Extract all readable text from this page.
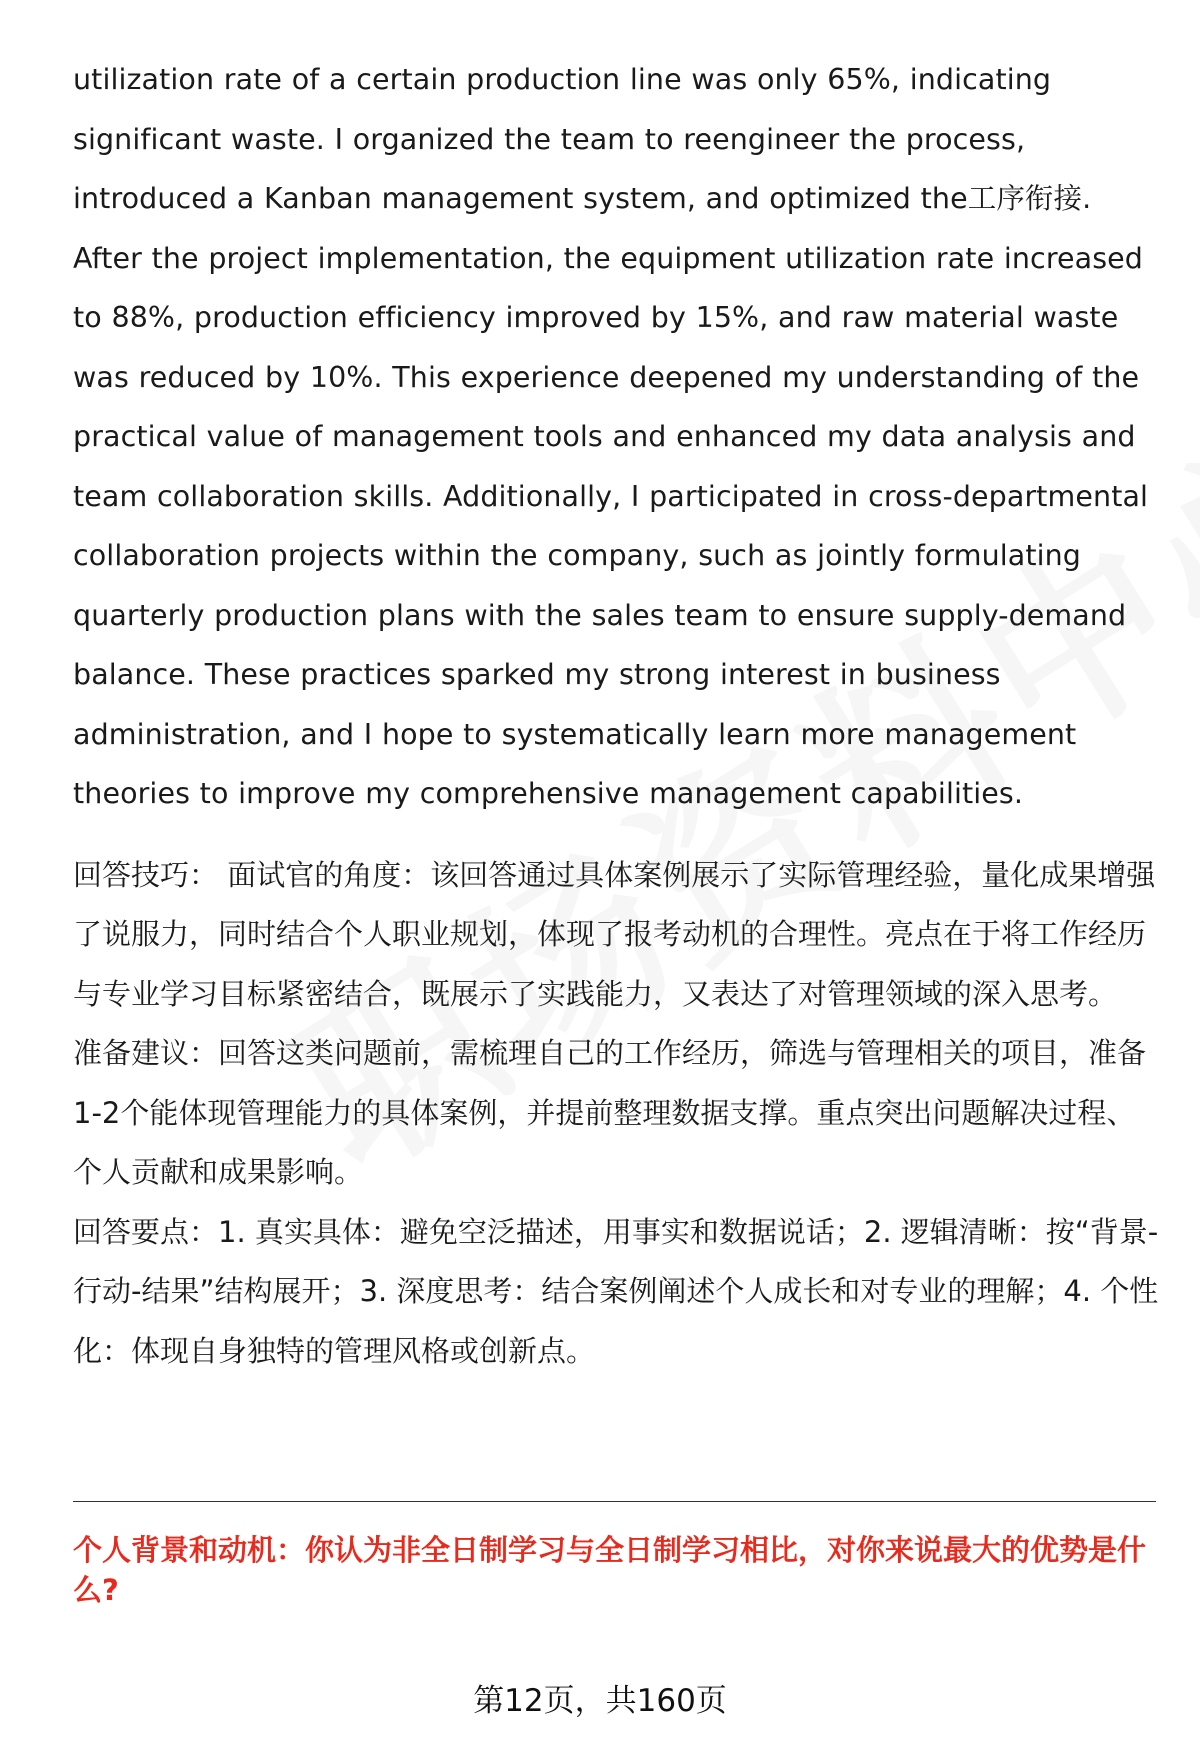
utilization rate of a certain production line was only 65%, indicating significant waste. I organized the team to reengineer the process, introduced a Kanban management system, and optimized the工序衔接. After the project implementation, the equipment utilization rate increased to 88%, production efficiency improved by 15%, and raw material waste was reduced by 10%. This experience deepened my understanding of the practical value of management tools and enhanced my data analysis and team collaboration skills. Additionally, I participated in cross-departmental collaboration projects within the company, such as jointly formulating quarterly production plans with the sales team to ensure supply-demand balance. These practices sparked my strong interest in business administration, and I hope to systematically learn more management theories to improve my comprehensive management capabilities.

回答技巧： 面试官的角度：该回答通过具体案例展示了实际管理经验，量化成果增强了说服力，同时结合个人职业规划，体现了报考动机的合理性。亮点在于将工作经历与专业学习目标紧密结合，既展示了实践能力，又表达了对管理领域的深入思考。

准备建议：回答这类问题前，需梳理自己的工作经历，筛选与管理相关的项目，准备1-2个能体现管理能力的具体案例，并提前整理数据支撑。重点突出问题解决过程、个人贡献和成果影响。

回答要点：1. 真实具体：避免空泛描述，用事实和数据说话；2. 逻辑清晰：按“背景-行动-结果”结构展开；3. 深度思考：结合案例阐述个人成长和对专业的理解；4. 个性化：体现自身独特的管理风格或创新点。

个人背景和动机：你认为非全日制学习与全日制学习相比，对你来说最大的优势是什么?

第12页，共160页
